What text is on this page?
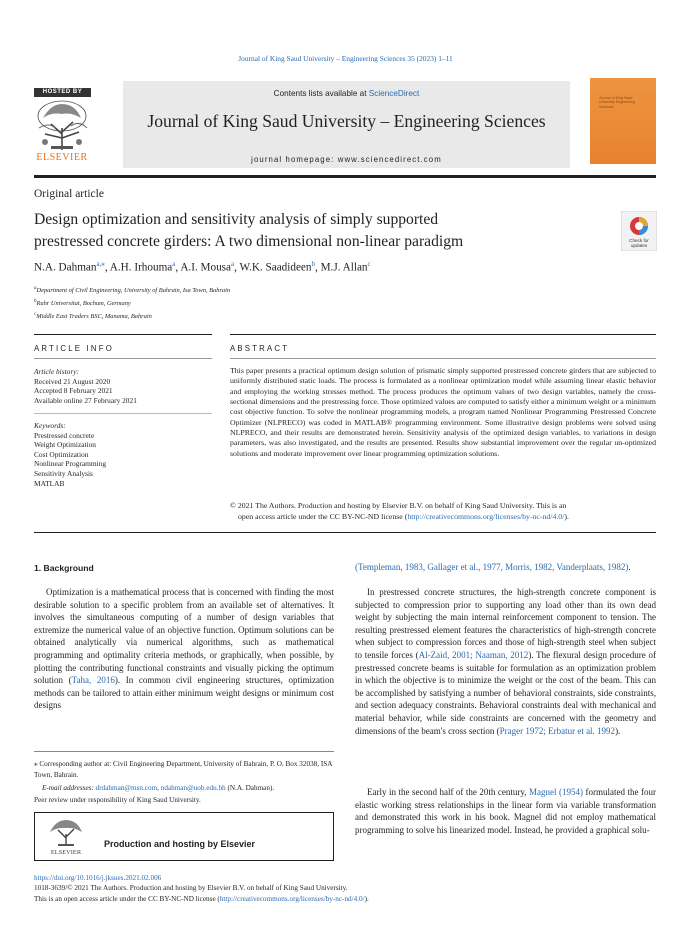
Journal of King Saud University – Engineering Sciences 35 (2023) 1–11
HOSTED BY
ELSEVIER
Contents lists available at ScienceDirect
Journal of King Saud University – Engineering Sciences
journal homepage: www.sciencedirect.com
Journal of King Saud University Engineering Sciences
Original article
Design optimization and sensitivity analysis of simply supported
prestressed concrete girders: A two dimensional non-linear paradigm	Check for
updates
N.A. Dahman$^{a,⁎}$, A.H. Irhouma$^a$, A.I. Mousa$^a$, W.K. Saadideen$^b$, M.J. Allan$^c$
$^a$Department of Civil Engineering, University of Bahrain, Isa Town, Bahrain
$^b$Ruhr Universitat, Bochum, Germany
$^c$Middle East Traders BSC, Manama, Bahrain
ARTICLE INFO	ABSTRACT
Article history:
Received 21 August 2020
Accepted 8 February 2021
Available online 27 February 2021
Keywords:
Prestressed concrete
Weight Optimization
Cost Optimization
Nonlinear Programming
Sensitivity Analysis
MATLAB
This paper presents a practical optimum design solution of prismatic simply supported prestressed concrete girders that are subjected to uniformly distributed static loads. The process is formulated as a nonlinear optimization model while assuming linear elastic behavior and employing the working stresses method. The process produces the optimum values of two design variables, namely the cross-sectional dimensions and the prestressing force. Those optimized values are computed to satisfy either a minimum weight or a minimum cost objective function. To solve the nonlinear programming models, a program named Nonlinear Programming Prestressed Concrete Optimizer (NLPRECO) was coded in MATLAB® programming environment. Some illustrative design problems were solved using NLPRECO, and their results are demonstrated herein. Sensitivity analysis of the optimized design variables, to variations in design parameters, was also investigated, and the results are presented. Results show substantial improvement over the regular un-optimized solutions and moderate improvement over linear programming optimization solutions.
© 2021 The Authors. Production and hosting by Elsevier B.V. on behalf of King Saud University. This is an
open access article under the CC BY-NC-ND license (http://creativecommons.org/licenses/by-nc-nd/4.0/).
1. Background
Optimization is a mathematical process that is concerned with finding the most desirable solution to a specific problem from an available set of alternatives. It involves the simultaneous computing of a number of design variables that extremize the numerical value of an objective function. Optimum solutions can be obtained analytically via numerical algorithms, such as mathematical programming and optimality criteria methods, or graphically, when possible, by plotting the contributing functional constraints and visually picking the optimum solution (Taha, 2016). In common civil engineering structures, optimization methods can be tailored to attain either minimum weight designs or minimum cost designs
(Templeman, 1983, Gallager et al., 1977, Morris, 1982, Vanderplaats, 1982).
In prestressed concrete structures, the high-strength concrete component is subjected to compression prior to supporting any load other than its own dead weight by subjecting the main internal reinforcement component to tension. The resulting prestressed element features the characteristics of high-strength concrete when subject to compression forces and those of high-strength steel when subject to tensile forces (Al-Zaid, 2001; Naaman, 2012). The flexural design procedure of prestressed concrete beams is suitable for formulation as an optimization problem in which the objective is to minimize the weight or the cost of the beam. This can be accomplished by satisfying a number of behavioral constraints, side constraints, and section adequacy constraints. Behavioral constraints deal with mechanical and material behavior, while side constraints are concerned with the geometry and dimensions of the beam's cross section (Prager 1972; Erbatur et al. 1992).
Early in the second half of the 20th century, Magnel (1954) formulated the four elastic working stress relationships in the linear form via variable transformation and demonstrated this work in his book. Magnel did not employ mathematical programming to solve his linearized model. Instead, he provided a graphical solu-
⁎ Corresponding author at: Civil Engineering Department, University of Bahrain, P. O. Box 32038, ISA Town, Bahrain.
E-mail addresses: drdahman@msn.com, ndahman@uob.edu.bh (N.A. Dahman).
Peer review under responsibility of King Saud University.
ELSEVIER
Production and hosting by Elsevier
https://doi.org/10.1016/j.jksues.2021.02.006
1018-3639/© 2021 The Authors. Production and hosting by Elsevier B.V. on behalf of King Saud University.
This is an open access article under the CC BY-NC-ND license (http://creativecommons.org/licenses/by-nc-nd/4.0/).
